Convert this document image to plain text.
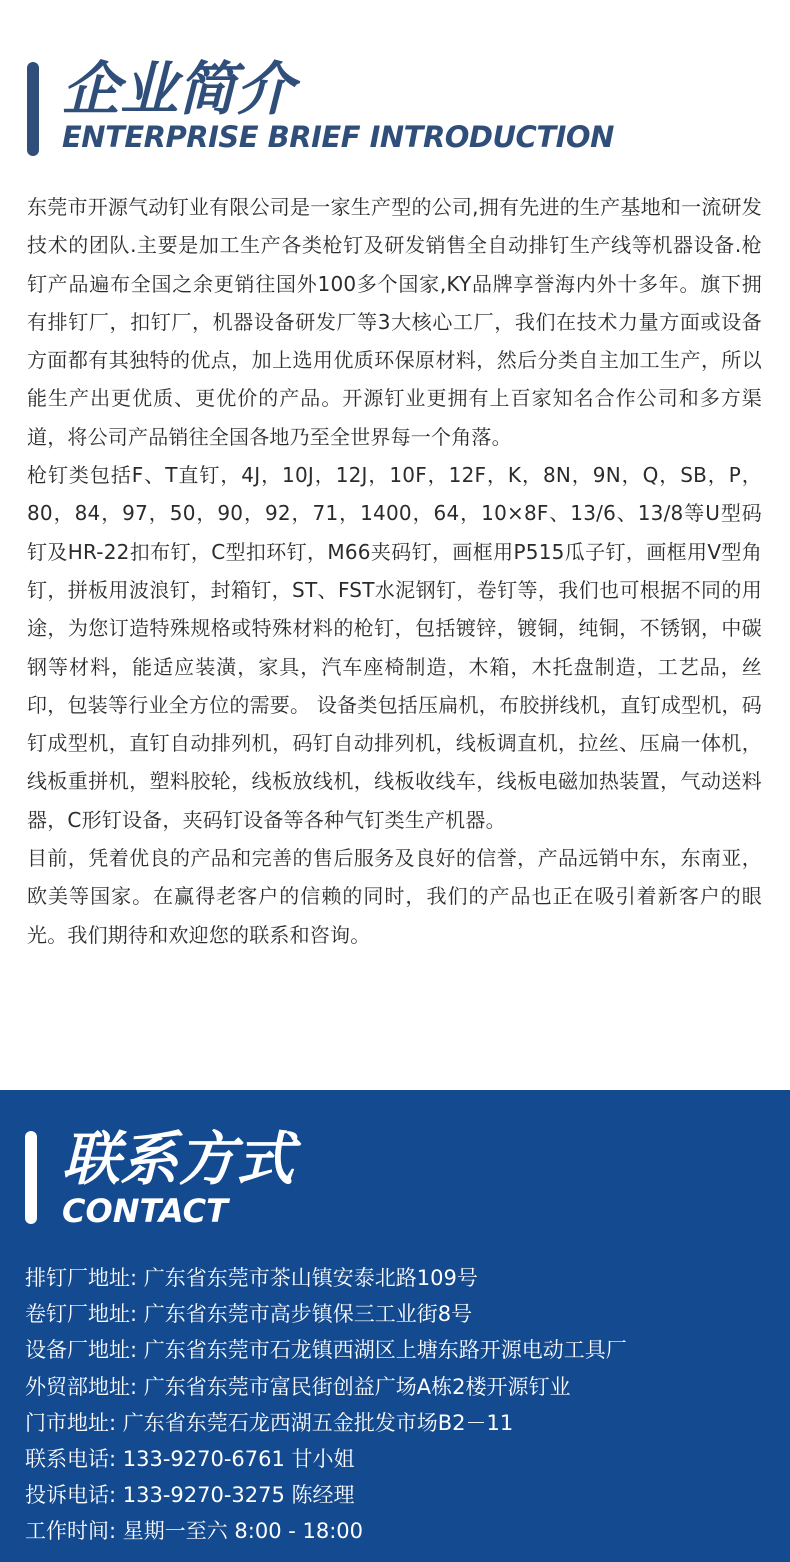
企业简介
ENTERPRISE BRIEF INTRODUCTION

东莞市开源气动钉业有限公司是一家生产型的公司,拥有先进的生产基地和一流研发技术的团队.主要是加工生产各类枪钉及研发销售全自动排钉生产线等机器设备.枪钉产品遍布全国之余更销往国外100多个国家,KY品牌享誉海内外十多年。旗下拥有排钉厂，扣钉厂，机器设备研发厂等3大核心工厂，我们在技术力量方面或设备方面都有其独特的优点，加上选用优质环保原材料，然后分类自主加工生产，所以能生产出更优质、更优价的产品。开源钉业更拥有上百家知名合作公司和多方渠道，将公司产品销往全国各地乃至全世界每一个角落。

枪钉类包括F、T直钉，4J，10J，12J，10F，12F，K，8N，9N，Q，SB，P，80，84，97，50，90，92，71，1400，64，10×8F、13/6、13/8等U型码钉及HR-22扣布钉，C型扣环钉，M66夹码钉，画框用P515瓜子钉，画框用V型角钉，拼板用波浪钉，封箱钉，ST、FST水泥钢钉，卷钉等，我们也可根据不同的用途，为您订造特殊规格或特殊材料的枪钉，包括镀锌，镀铜，纯铜，不锈钢，中碳钢等材料，能适应装潢，家具，汽车座椅制造，木箱，木托盘制造，工艺品，丝印，包装等行业全方位的需要。 设备类包括压扁机，布胶拼线机，直钉成型机，码钉成型机，直钉自动排列机，码钉自动排列机，线板调直机，拉丝、压扁一体机，线板重拼机，塑料胶轮，线板放线机，线板收线车，线板电磁加热装置，气动送料器，C形钉设备，夹码钉设备等各种气钉类生产机器。

目前，凭着优良的产品和完善的售后服务及良好的信誉，产品远销中东，东南亚，欧美等国家。在赢得老客户的信赖的同时，我们的产品也正在吸引着新客户的眼光。我们期待和欢迎您的联系和咨询。

联系方式
CONTACT
排钉厂地址: 广东省东莞市茶山镇安泰北路109号
卷钉厂地址: 广东省东莞市高步镇保三工业街8号
设备厂地址: 广东省东莞市石龙镇西湖区上塘东路开源电动工具厂
外贸部地址: 广东省东莞市富民街创益广场A栋2楼开源钉业
门市地址: 广东省东莞石龙西湖五金批发市场B2－11
联系电话: 133-9270-6761 甘小姐
投诉电话: 133-9270-3275 陈经理
工作时间: 星期一至六 8:00 - 18:00
